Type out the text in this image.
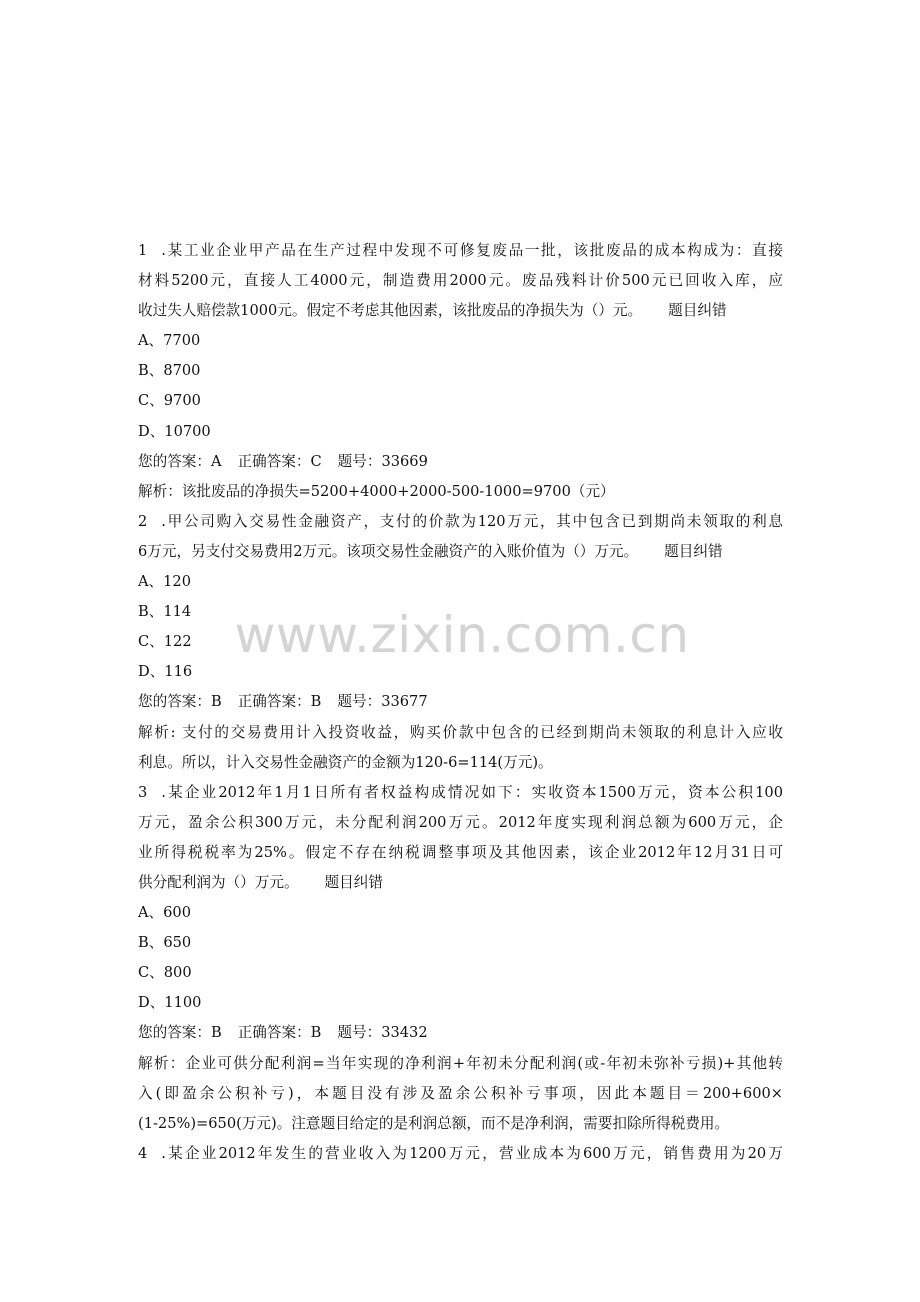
1 .某工业企业甲产品在生产过程中发现不可修复废品一批，该批废品的成本构成为：直接
材料5200元，直接人工4000元，制造费用2000元。废品残料计价500元已回收入库，应
收过失人赔偿款1000元。假定不考虑其他因素，该批废品的净损失为（）元。 题目纠错
A、7700
B、8700
C、9700
D、10700
您的答案：A 正确答案：C 题号：33669
解析：该批废品的净损失=5200+4000+2000-500-1000=9700（元）
2 .甲公司购入交易性金融资产，支付的价款为120万元，其中包含已到期尚未领取的利息
6万元，另支付交易费用2万元。该项交易性金融资产的入账价值为（）万元。 题目纠错
A、120
B、114
C、122
D、116
您的答案：B 正确答案：B 题号：33677
解析: 支付的交易费用计入投资收益，购买价款中包含的已经到期尚未领取的利息计入应收
利息。所以，计入交易性金融资产的金额为120-6=114(万元)。
3 .某企业2012年1月1日所有者权益构成情况如下：实收资本1500万元，资本公积100
万元，盈余公积300万元，未分配利润200万元。2012年度实现利润总额为600万元，企
业所得税税率为25%。假定不存在纳税调整事项及其他因素，该企业2012年12月31日可
供分配利润为（）万元。 题目纠错
A、600
B、650
C、800
D、1100
您的答案：B 正确答案：B 题号：33432
解析：企业可供分配利润=当年实现的净利润+年初未分配利润(或-年初未弥补亏损)+其他转
入(即盈余公积补亏)，本题目没有涉及盈余公积补亏事项，因此本题目＝200+600×
(1-25%)=650(万元)。注意题目给定的是利润总额，而不是净利润，需要扣除所得税费用。
4 .某企业2012年发生的营业收入为1200万元，营业成本为600万元，销售费用为20万
www.zixin.com.cn
